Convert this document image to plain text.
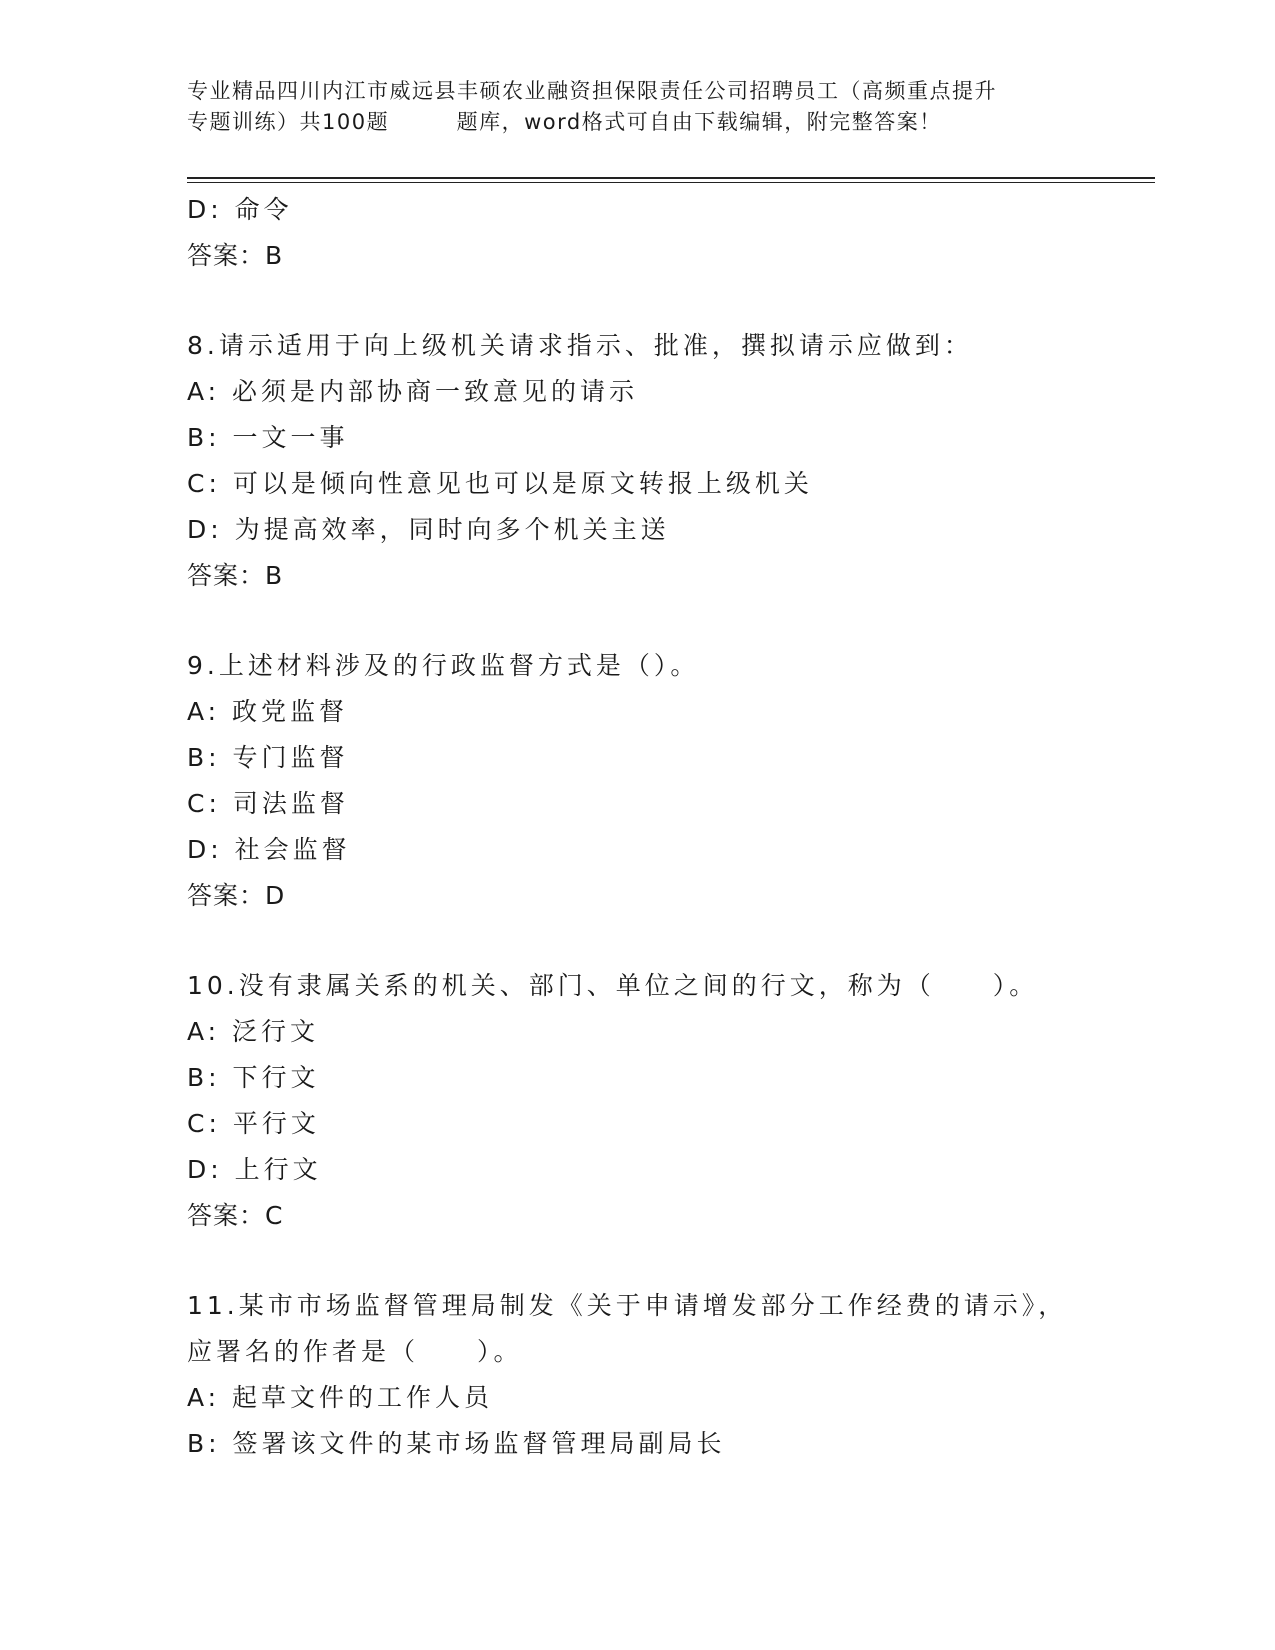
专业精品四川内江市威远县丰硕农业融资担保限责任公司招聘员工（高频重点提升
专题训练）共100题　　　题库，word格式可自由下载编辑，附完整答案！
D: 命令
答案：B
8.请示适用于向上级机关请求指示、批准，撰拟请示应做到：
A: 必须是内部协商一致意见的请示
B: 一文一事
C: 可以是倾向性意见也可以是原文转报上级机关
D: 为提高效率，同时向多个机关主送
答案：B
9.上述材料涉及的行政监督方式是（）。
A: 政党监督
B: 专门监督
C: 司法监督
D: 社会监督
答案：D
10.没有隶属关系的机关、部门、单位之间的行文，称为（　　）。
A: 泛行文
B: 下行文
C: 平行文
D: 上行文
答案：C
11.某市市场监督管理局制发《关于申请增发部分工作经费的请示》，
应署名的作者是（　　）。
A: 起草文件的工作人员
B: 签署该文件的某市场监督管理局副局长
